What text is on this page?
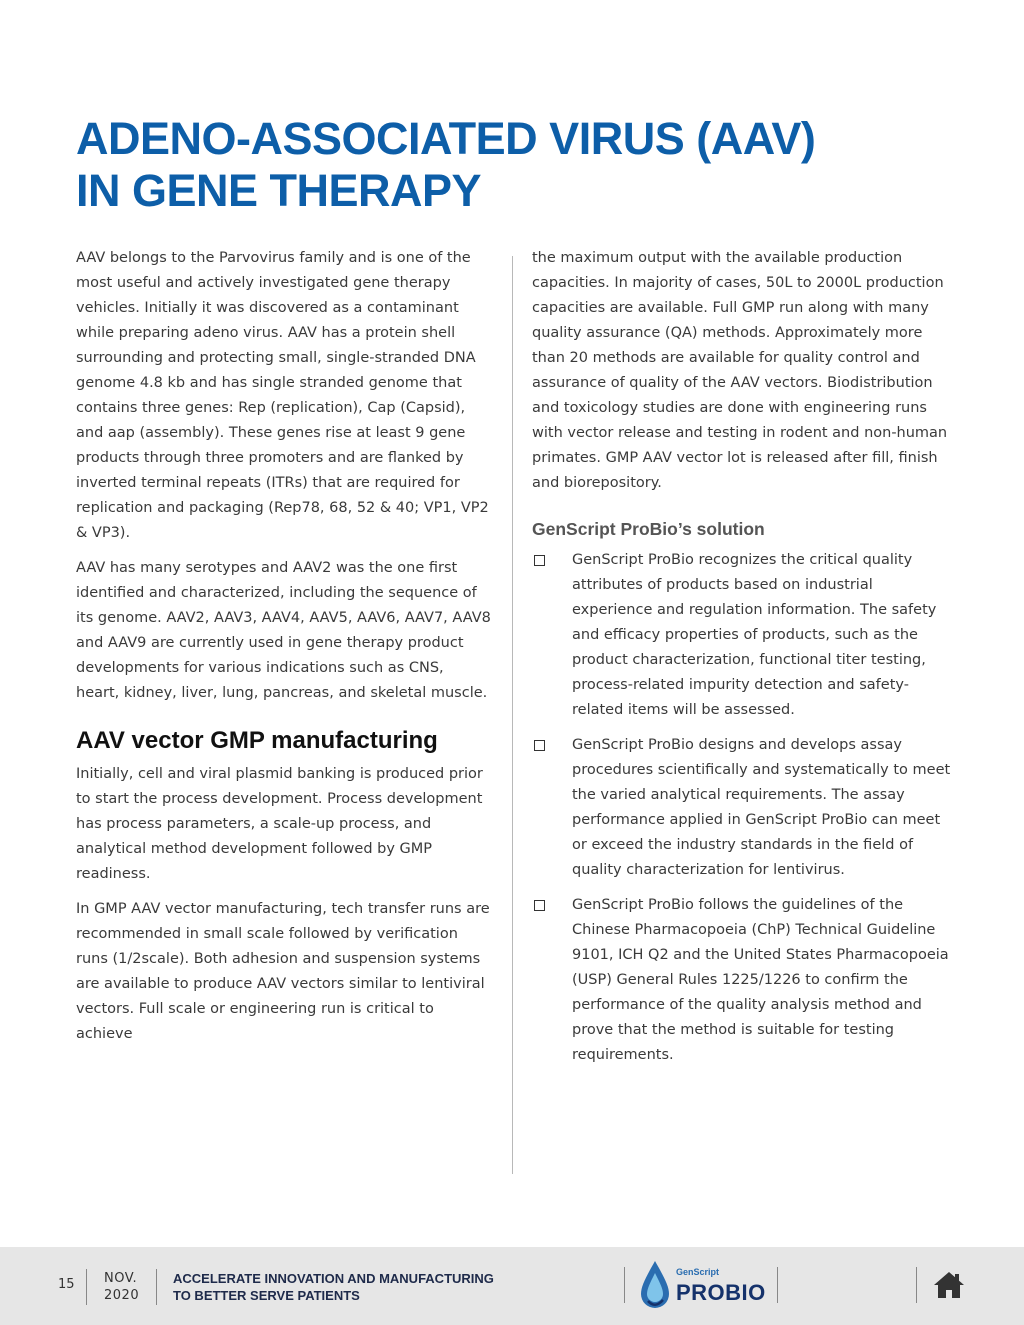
ADENO-ASSOCIATED VIRUS (AAV)
IN GENE THERAPY

AAV belongs to the Parvovirus family and is one of the most useful and actively investigated gene therapy vehicles. Initially it was discovered as a contaminant while preparing adeno virus. AAV has a protein shell surrounding and protecting small, single-stranded DNA genome 4.8 kb and has single stranded genome that contains three genes: Rep (replication), Cap (Capsid), and aap (assembly). These genes rise at least 9 gene products through three promoters and are flanked by inverted terminal repeats (ITRs) that are required for replication and packaging (Rep78, 68, 52 & 40; VP1, VP2 & VP3).

AAV has many serotypes and AAV2 was the one first identified and characterized, including the sequence of its genome. AAV2, AAV3, AAV4, AAV5, AAV6, AAV7, AAV8 and AAV9 are currently used in gene therapy product developments for various indications such as CNS, heart, kidney, liver, lung, pancreas, and skeletal muscle.

AAV vector GMP manufacturing

Initially, cell and viral plasmid banking is produced prior to start the process development. Process development has process parameters, a scale-up process, and analytical method development followed by GMP readiness.

In GMP AAV vector manufacturing, tech transfer runs are recommended in small scale followed by verification runs (1/2scale). Both adhesion and suspension systems are available to produce AAV vectors similar to lentiviral vectors. Full scale or engineering run is critical to achieve

the maximum output with the available production capacities. In majority of cases, 50L to 2000L production capacities are available. Full GMP run along with many quality assurance (QA) methods. Approximately more than 20 methods are available for quality control and assurance of quality of the AAV vectors. Biodistribution and toxicology studies are done with engineering runs with vector release and testing in rodent and non-human primates. GMP AAV vector lot is released after fill, finish and biorepository.

GenScript ProBio’s solution
GenScript ProBio recognizes the critical quality attributes of products based on industrial experience and regulation information. The safety and efficacy properties of products, such as the product characterization, functional titer testing, process-related impurity detection and safety-related items will be assessed.
GenScript ProBio designs and develops assay procedures scientifically and systematically to meet the varied analytical requirements. The assay performance applied in GenScript ProBio can meet or exceed the industry standards in the field of quality characterization for lentivirus.
GenScript ProBio follows the guidelines of the Chinese Pharmacopoeia (ChP) Technical Guideline 9101, ICH Q2 and the United States Pharmacopoeia (USP) General Rules 1225/1226 to confirm the performance of the quality analysis method and prove that the method is suitable for testing requirements.
15 NOV.
2020
ACCELERATE INNOVATION AND MANUFACTURING
TO BETTER SERVE PATIENTS
GenScript
PROBIO
